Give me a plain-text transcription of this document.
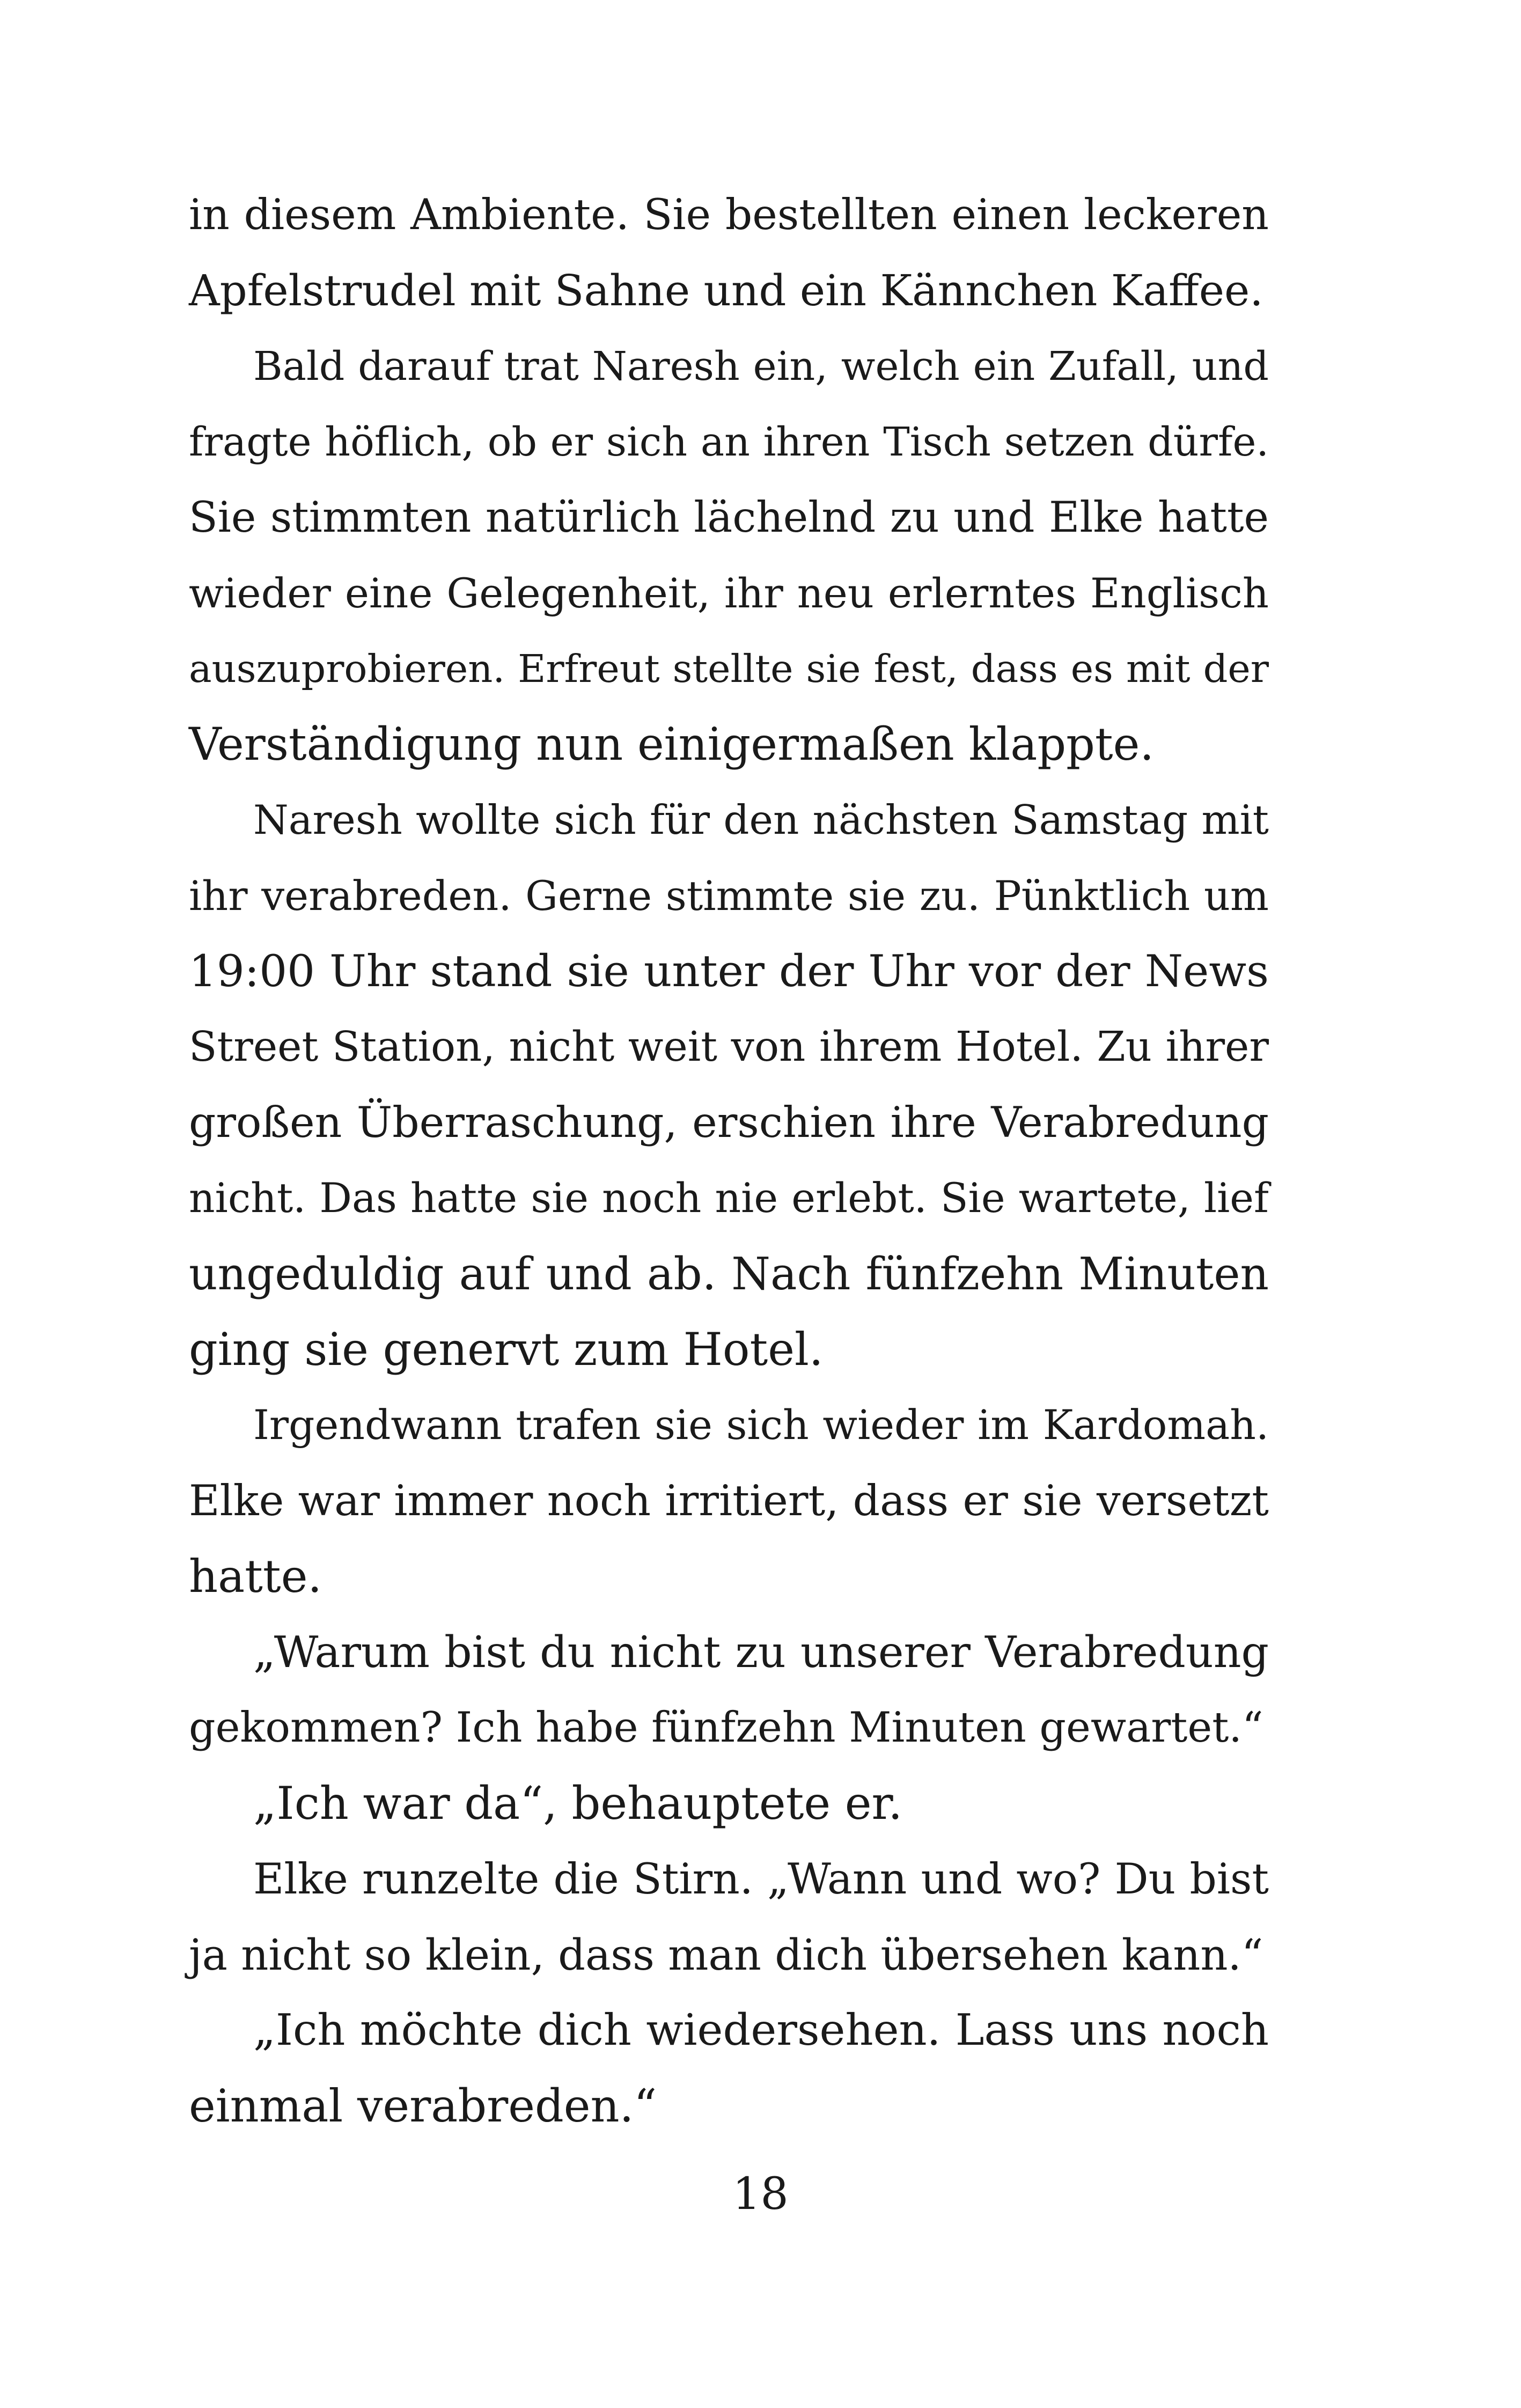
in diesem Ambiente. Sie bestellten einen leckeren
Apfelstrudel mit Sahne und ein Kännchen Kaffee.
Bald darauf trat Naresh ein, welch ein Zufall, und
fragte höflich, ob er sich an ihren Tisch setzen dürfe.
Sie stimmten natürlich lächelnd zu und Elke hatte
wieder eine Gelegenheit, ihr neu erlerntes Englisch
auszuprobieren. Erfreut stellte sie fest, dass es mit der
Verständigung nun einigermaßen klappte.
Naresh wollte sich für den nächsten Samstag mit
ihr verabreden. Gerne stimmte sie zu. Pünktlich um
19:00 Uhr stand sie unter der Uhr vor der News
Street Station, nicht weit von ihrem Hotel. Zu ihrer
großen Überraschung, erschien ihre Verabredung
nicht. Das hatte sie noch nie erlebt. Sie wartete, lief
ungeduldig auf und ab. Nach fünfzehn Minuten
ging sie genervt zum Hotel.
Irgendwann trafen sie sich wieder im Kardomah.
Elke war immer noch irritiert, dass er sie versetzt
hatte.
„Warum bist du nicht zu unserer Verabredung
gekommen? Ich habe fünfzehn Minuten gewartet.“
„Ich war da“, behauptete er.
Elke runzelte die Stirn. „Wann und wo? Du bist
ja nicht so klein, dass man dich übersehen kann.“
„Ich möchte dich wiedersehen. Lass uns noch
einmal verabreden.“
18
